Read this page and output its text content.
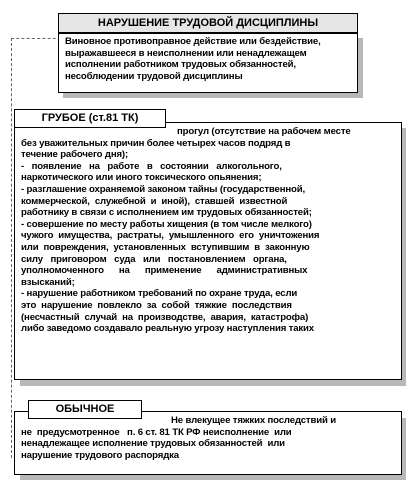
Виновное противоправное действие или бездействие,
выражавшееся в неисполнении или ненадлежащем
исполнении работником трудовых обязанностей,
несоблюдении трудовой дисциплины
НАРУШЕНИЕ ТРУДОВОЙ ДИСЦИПЛИНЫ
прогул (отсутствие на рабочем месте
без уважительных причин более четырех часов подряд в
течение рабочего дня);
-   появление   на   работе   в   состоянии   алкогольного,
наркотического или иного токсического опьянения;
- разглашение охраняемой законом тайны (государственной,
коммерческой,  служебной  и  иной),  ставшей  известной
работнику в связи с исполнением им трудовых обязанностей;
- совершение по месту работы хищения (в том числе мелкого)
чужого  имущества,  растраты,  умышленного  его  уничтожения
или  повреждения,  установленных  вступившим  в  законную
силу   приговором   суда   или   постановлением   органа,
уполномоченного      на      применение      административных
взысканий;
- нарушение работником требований по охране труда, если
это  нарушение  повлекло  за  собой  тяжкие  последствия
(несчастный  случай  на  производстве,  авария,  катастрофа)
либо заведомо создавало реальную угрозу наступления таких
ГРУБОЕ (ст.81 ТК)
Не влекущее тяжких последствий и
не  предусмотренное   п. 6 ст. 81 ТК РФ неисполнение  или
ненадлежащее исполнение трудовых обязанностей  или
нарушение трудового распорядка
ОБЫЧНОЕ
